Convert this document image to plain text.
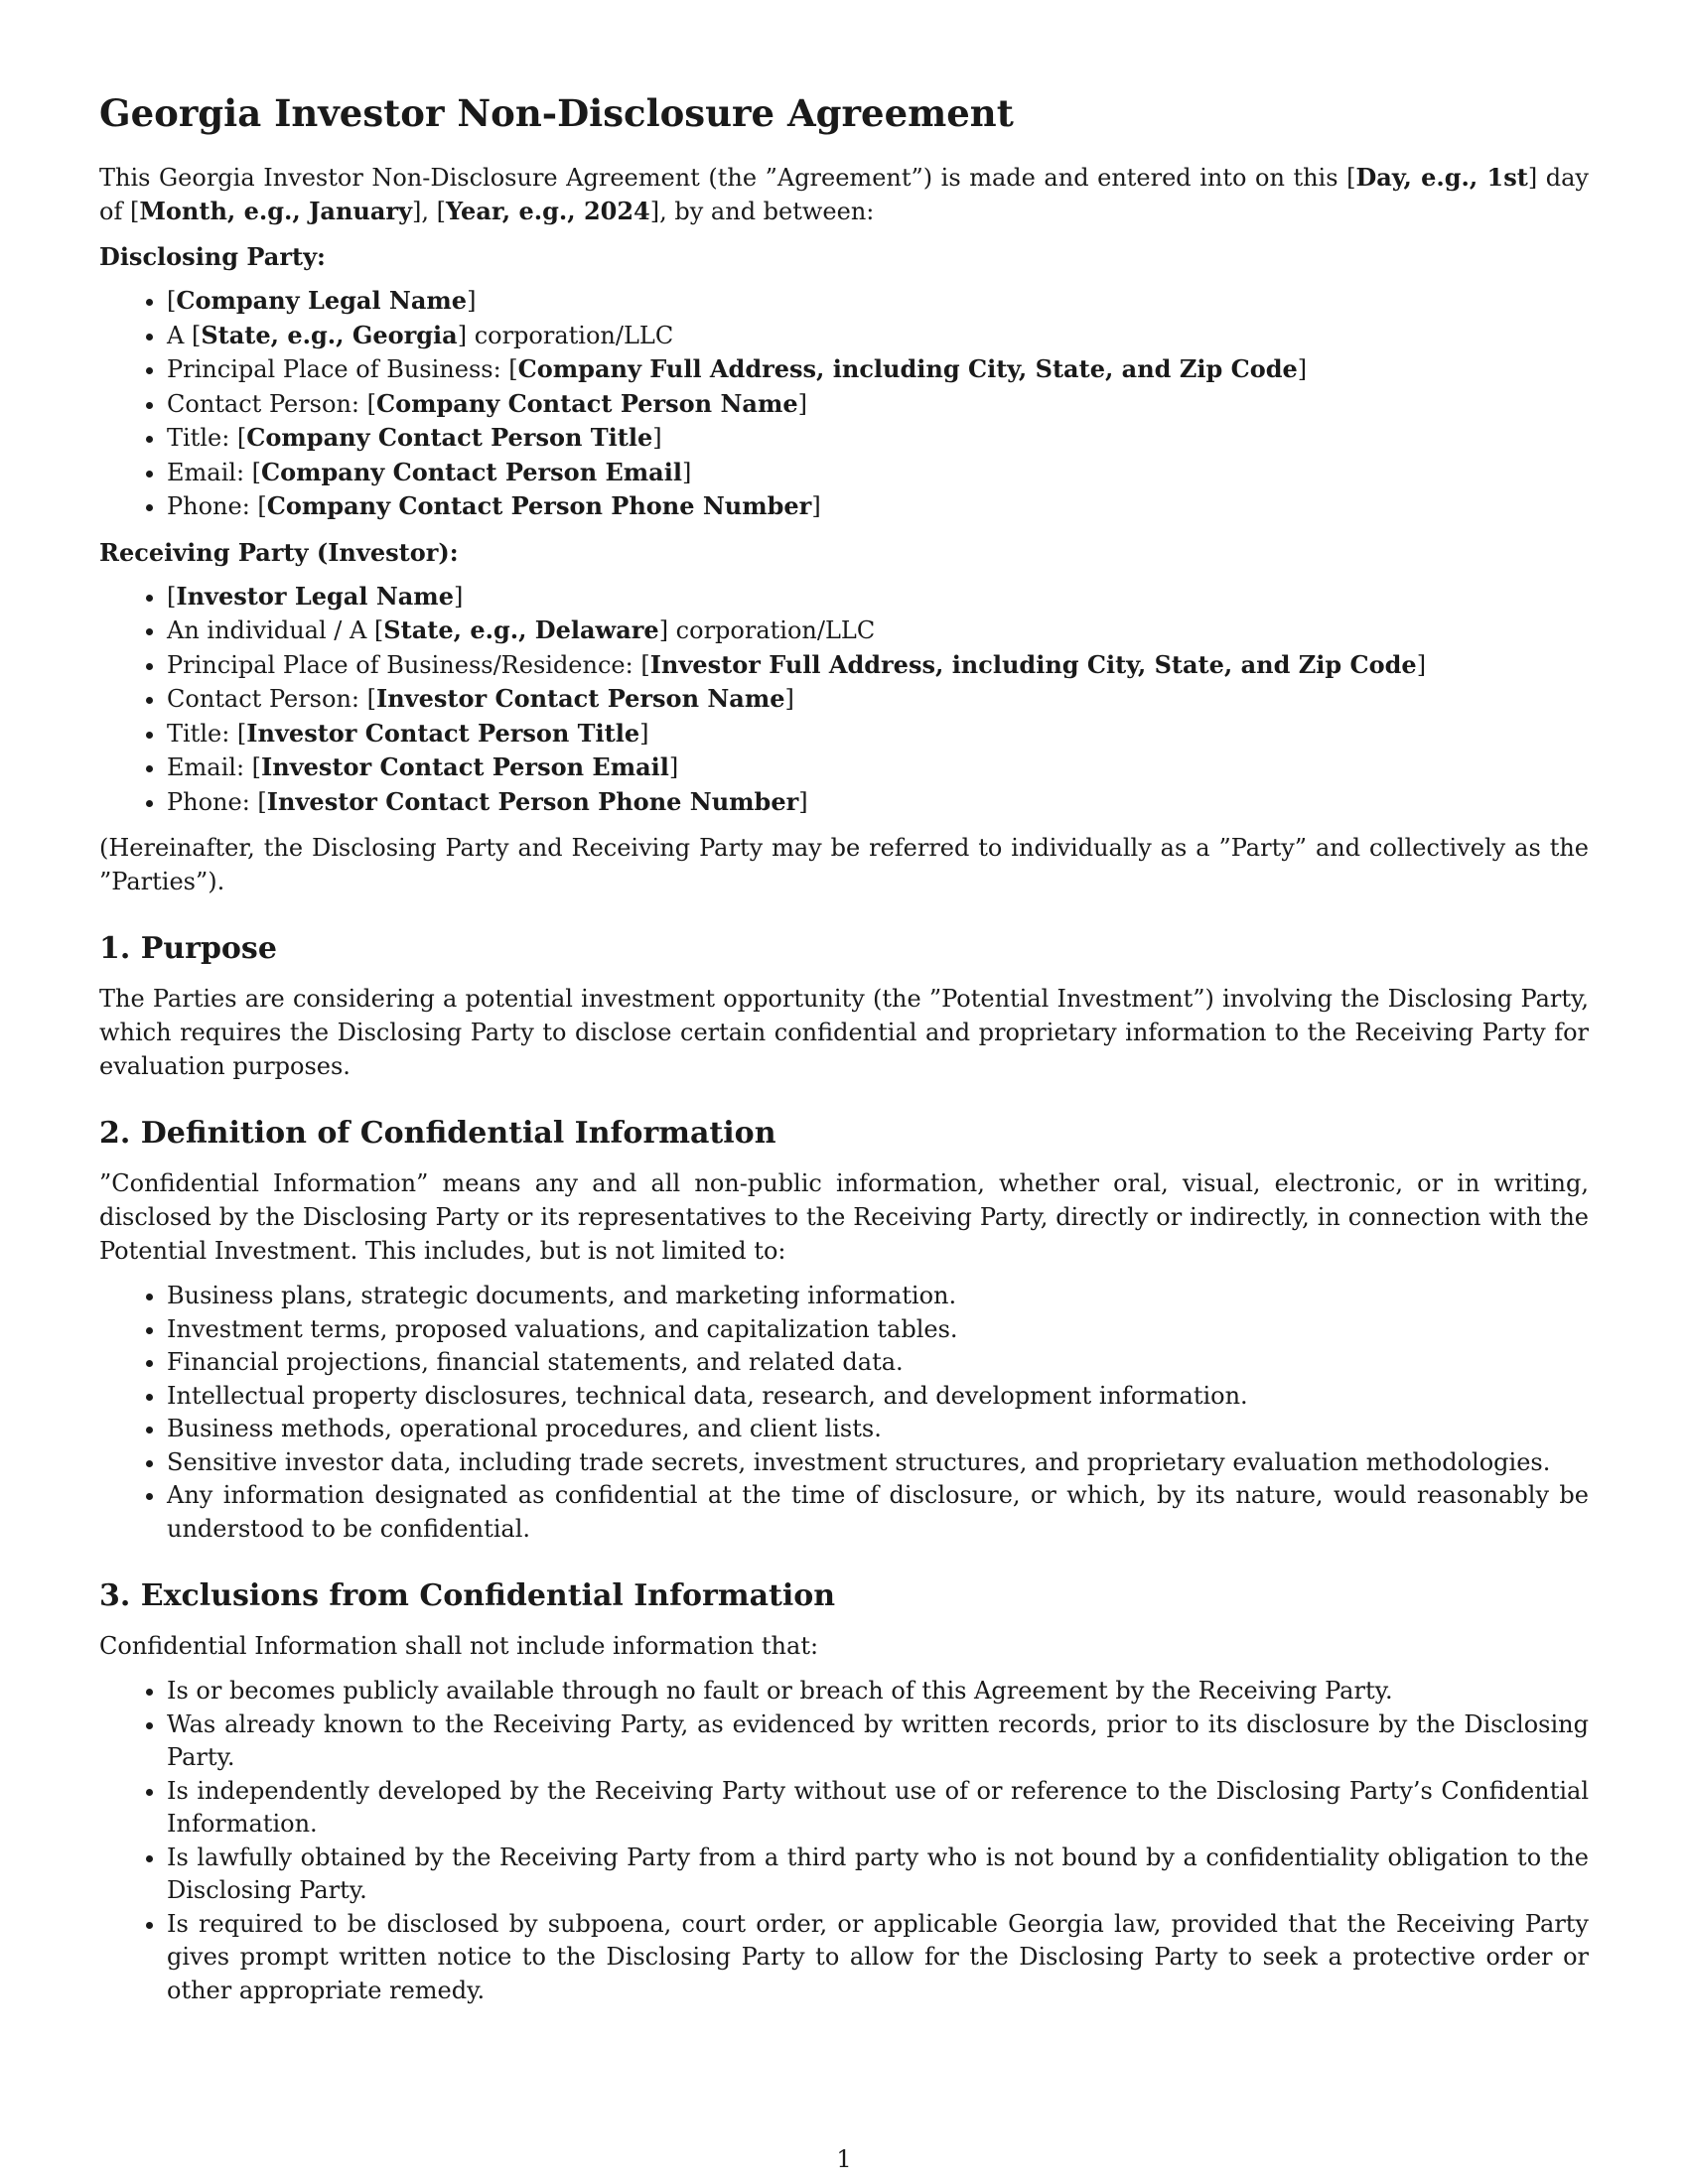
Georgia Investor Non-Disclosure Agreement

This Georgia Investor Non-Disclosure Agreement (the ”Agreement”) is made and entered into on this [Day, e.g., 1st] day of [Month, e.g., January], [Year, e.g., 2024], by and between:

Disclosing Party:
• [Company Legal Name]
• A [State, e.g., Georgia] corporation/LLC
• Principal Place of Business: [Company Full Address, including City, State, and Zip Code]
• Contact Person: [Company Contact Person Name]
• Title: [Company Contact Person Title]
• Email: [Company Contact Person Email]
• Phone: [Company Contact Person Phone Number]
Receiving Party (Investor):
• [Investor Legal Name]
• An individual / A [State, e.g., Delaware] corporation/LLC
• Principal Place of Business/Residence: [Investor Full Address, including City, State, and Zip Code]
• Contact Person: [Investor Contact Person Name]
• Title: [Investor Contact Person Title]
• Email: [Investor Contact Person Email]
• Phone: [Investor Contact Person Phone Number]

(Hereinafter, the Disclosing Party and Receiving Party may be referred to individually as a ”Party” and collectively as the ”Parties”).

1. Purpose

The Parties are considering a potential investment opportunity (the ”Potential Investment”) involving the Disclosing Party, which requires the Disclosing Party to disclose certain confidential and proprietary information to the Receiving Party for evaluation purposes.

2. Definition of Confidential Information

”Confidential Information” means any and all non-public information, whether oral, visual, electronic, or in writing, disclosed by the Disclosing Party or its representatives to the Receiving Party, directly or indirectly, in connection with the Potential Investment. This includes, but is not limited to:

• Business plans, strategic documents, and marketing information.
• Investment terms, proposed valuations, and capitalization tables.
• Financial projections, financial statements, and related data.
• Intellectual property disclosures, technical data, research, and development information.
• Business methods, operational procedures, and client lists.
• Sensitive investor data, including trade secrets, investment structures, and proprietary evaluation methodologies.
• Any information designated as confidential at the time of disclosure, or which, by its nature, would reasonably be understood to be confidential.
3. Exclusions from Confidential Information

Confidential Information shall not include information that:

• Is or becomes publicly available through no fault or breach of this Agreement by the Receiving Party.
• Was already known to the Receiving Party, as evidenced by written records, prior to its disclosure by the Disclosing Party.
• Is independently developed by the Receiving Party without use of or reference to the Disclosing Party’s Confidential Information.
• Is lawfully obtained by the Receiving Party from a third party who is not bound by a confidentiality obligation to the Disclosing Party.
• Is required to be disclosed by subpoena, court order, or applicable Georgia law, provided that the Receiving Party gives prompt written notice to the Disclosing Party to allow for the Disclosing Party to seek a protective order or other appropriate remedy.
1
